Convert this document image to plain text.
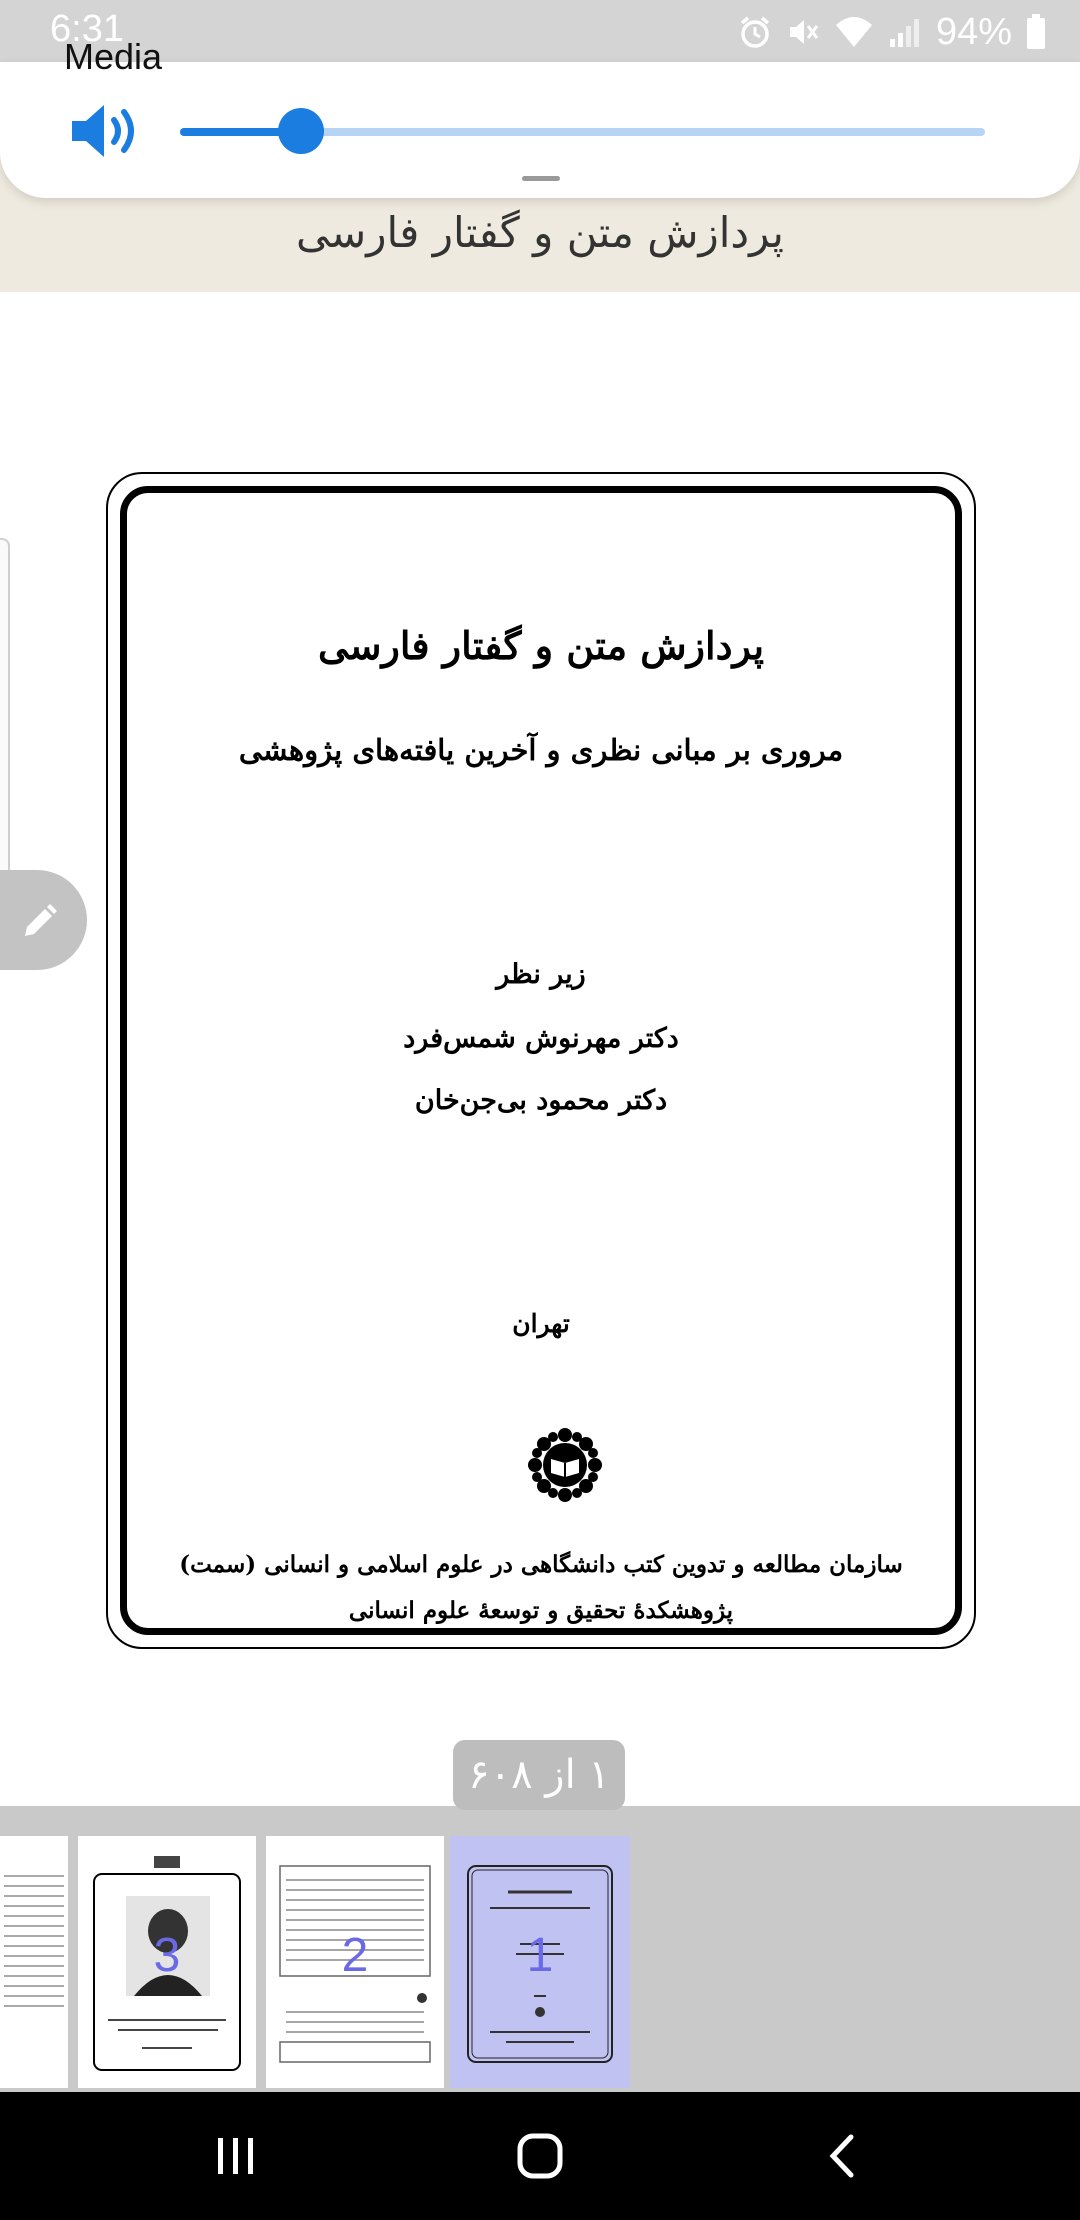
6:31	94%
پردازش متن و گفتار فارسی
Media
پردازش متن و گفتار فارسی
مروری بر مبانی نظری و آخرین یافته‌های پژوهشی
زیر نظر
دکتر مهرنوش شمس‌فرد
دکتر محمود بی‌جن‌خان
تهران
سازمان مطالعه و تدوین کتب دانشگاهی در علوم اسلامی و انسانی (سمت)
پژوهشکدهٔ تحقیق و توسعهٔ علوم انسانی
۱ از ۶۰۸
3	2	1
